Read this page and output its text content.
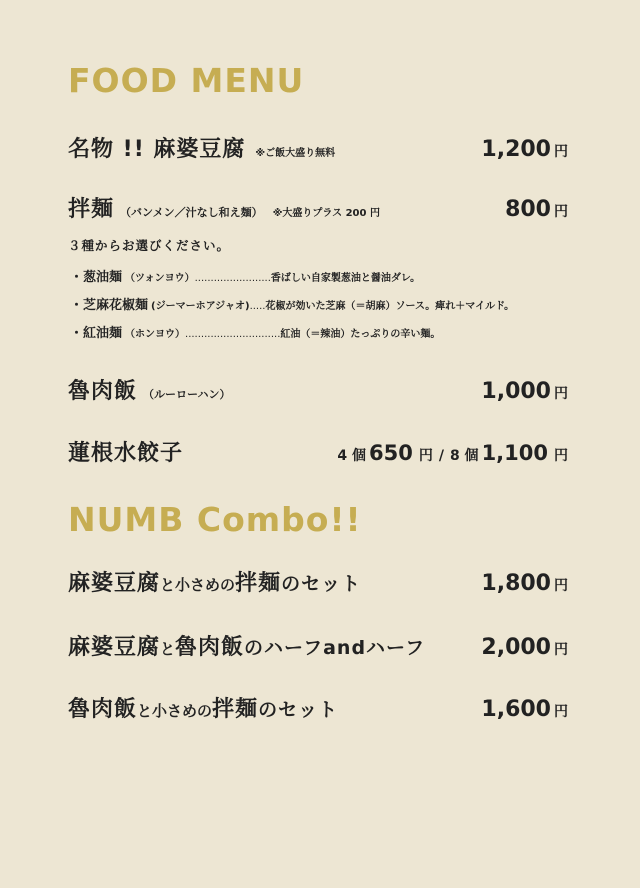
FOOD MENU
名物 !! 麻婆豆腐 ※ご飯大盛り無料	1,200 円
拌麺 （バンメン／汁なし和え麺） ※大盛りプラス 200 円	800 円
３種からお選びください。
・葱油麺 （ツォンヨウ） ........................ 香ばしい自家製葱油と醤油ダレ。
・芝麻花椒麺 (ジーマーホアジャオ) ..... 花椒が効いた芝麻（＝胡麻）ソース。痺れ＋マイルド。
・紅油麺 （ホンヨウ） .............................. 紅油（＝辣油）たっぷりの辛い麺。
魯肉飯 （ルーローハン）	1,000 円
蓮根水餃子	4 個 650 円 / 8 個 1,100 円
NUMB Combo!!
麻婆豆腐 と 小さめの 拌麺 のセット	1,800 円
麻婆豆腐 と 魯肉飯 のハーフandハーフ	2,000 円
魯肉飯 と 小さめの 拌麺 のセット	1,600 円
